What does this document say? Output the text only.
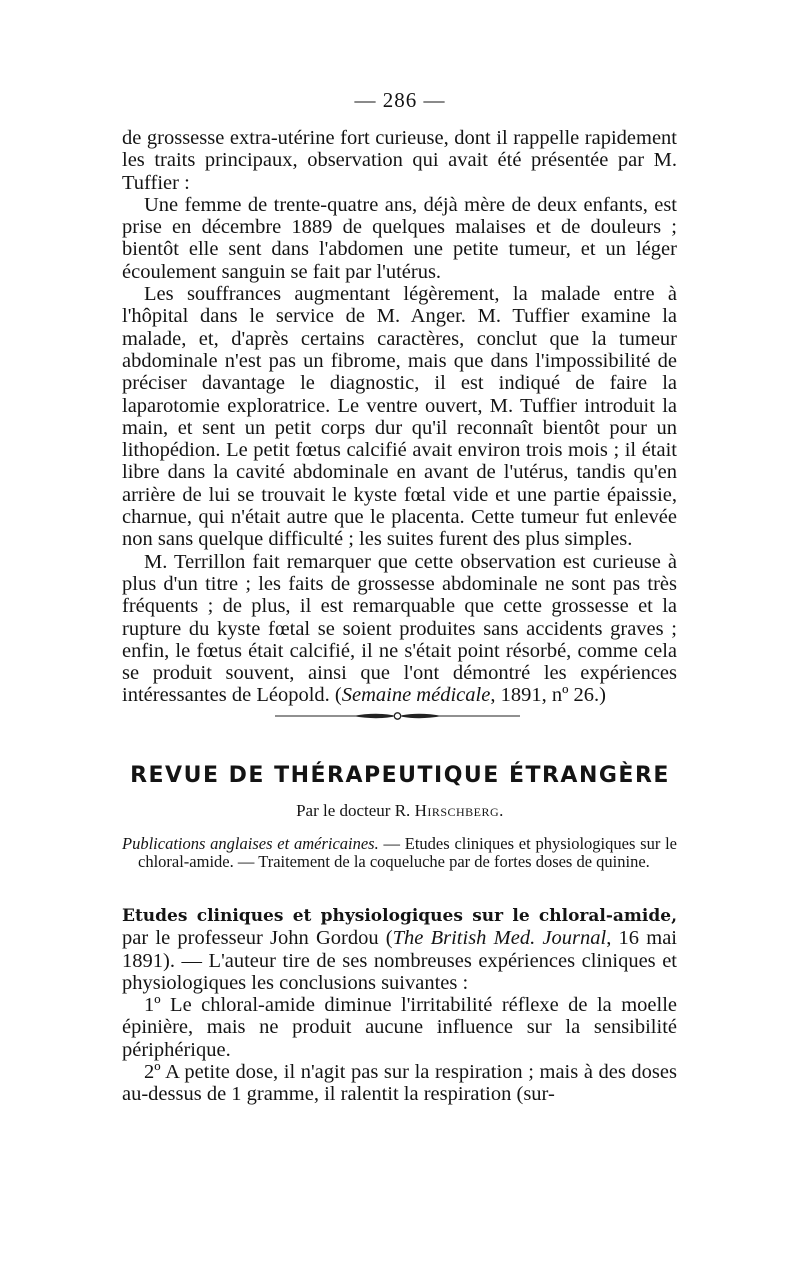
— 286 —

de grossesse extra-utérine fort curieuse, dont il rappelle rapidement les traits principaux, observation qui avait été présentée par M. Tuffier :

Une femme de trente-quatre ans, déjà mère de deux enfants, est prise en décembre 1889 de quelques malaises et de douleurs ; bientôt elle sent dans l'abdomen une petite tumeur, et un léger écoulement sanguin se fait par l'utérus.

Les souffrances augmentant légèrement, la malade entre à l'hôpital dans le service de M. Anger. M. Tuffier examine la malade, et, d'après certains caractères, conclut que la tumeur abdominale n'est pas un fibrome, mais que dans l'impossibilité de préciser davantage le diagnostic, il est indiqué de faire la laparotomie exploratrice. Le ventre ouvert, M. Tuffier introduit la main, et sent un petit corps dur qu'il reconnaît bientôt pour un lithopédion. Le petit fœtus calcifié avait environ trois mois ; il était libre dans la cavité abdominale en avant de l'utérus, tandis qu'en arrière de lui se trouvait le kyste fœtal vide et une partie épaissie, charnue, qui n'était autre que le placenta. Cette tumeur fut enlevée non sans quelque difficulté ; les suites furent des plus simples.

M. Terrillon fait remarquer que cette observation est curieuse à plus d'un titre ; les faits de grossesse abdominale ne sont pas très fréquents ; de plus, il est remarquable que cette grossesse et la rupture du kyste fœtal se soient produites sans accidents graves ; enfin, le fœtus était calcifié, il ne s'était point résorbé, comme cela se produit souvent, ainsi que l'ont démontré les expériences intéressantes de Léopold. (Semaine médicale, 1891, nº 26.)

REVUE DE THÉRAPEUTIQUE ÉTRANGÈRE
Par le docteur R. Hirschberg.
Publications anglaises et américaines. — Etudes cliniques et physiologiques sur le chloral-amide. — Traitement de la coqueluche par de fortes doses de quinine.

Etudes cliniques et physiologiques sur le chloral-amide, par le professeur John Gordou (The British Med. Journal, 16 mai 1891). — L'auteur tire de ses nombreuses expériences cliniques et physiologiques les conclusions suivantes :

1º Le chloral-amide diminue l'irritabilité réflexe de la moelle épinière, mais ne produit aucune influence sur la sensibilité périphérique.

2º A petite dose, il n'agit pas sur la respiration ; mais à des doses au-dessus de 1 gramme, il ralentit la respiration (sur-
